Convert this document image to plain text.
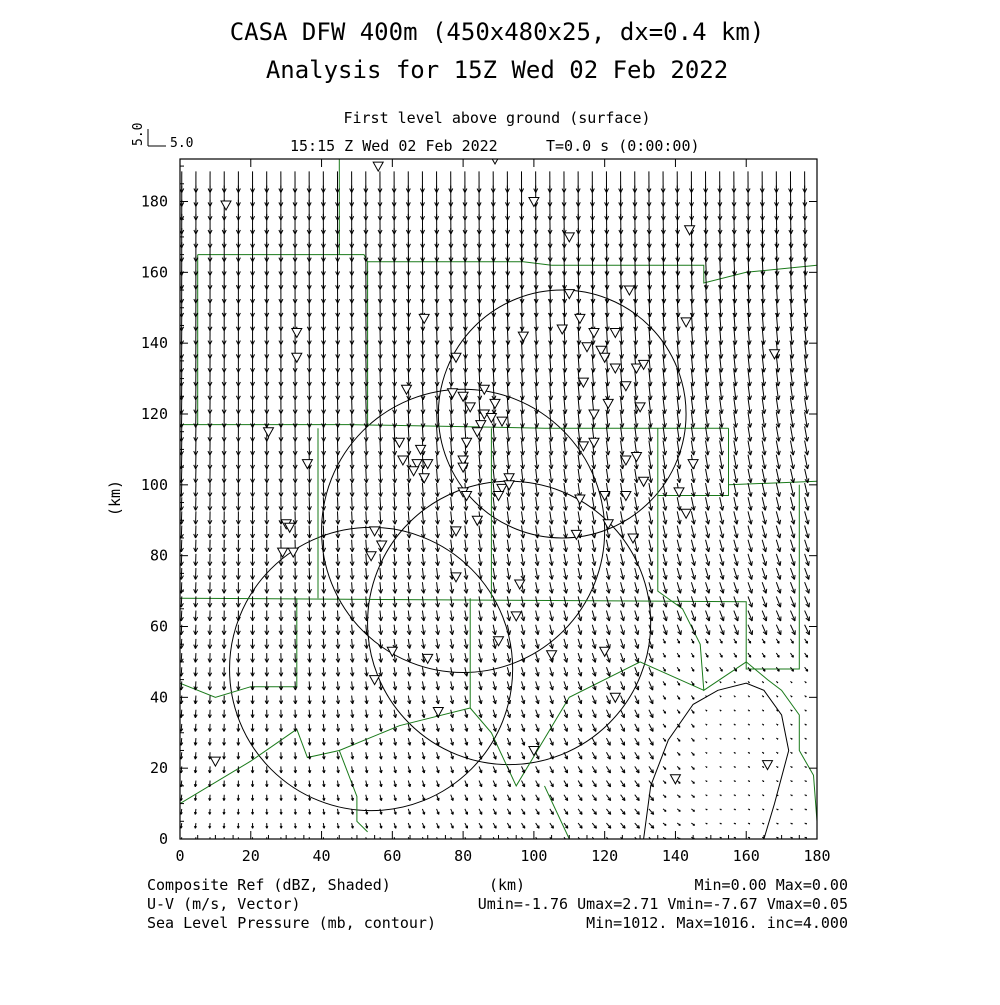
0	20	40	60	80	100	120	140	160	180
0
20
40
60
80
100
120
140
160
180
CASA DFW 400m (450x480x25, dx=0.4 km)
Analysis for 15Z Wed 02 Feb 2022
First level above ground (surface)
15:15 Z Wed 02 Feb 2022	T=0.0 s (0:00:00)
5.0
5.0
(km)
(km)
Composite Ref (dBZ, Shaded)	Min=0.00 Max=0.00
U-V (m/s, Vector)	Umin=-1.76 Umax=2.71 Vmin=-7.67 Vmax=0.05
Sea Level Pressure (mb, contour)	Min=1012. Max=1016. inc=4.000
